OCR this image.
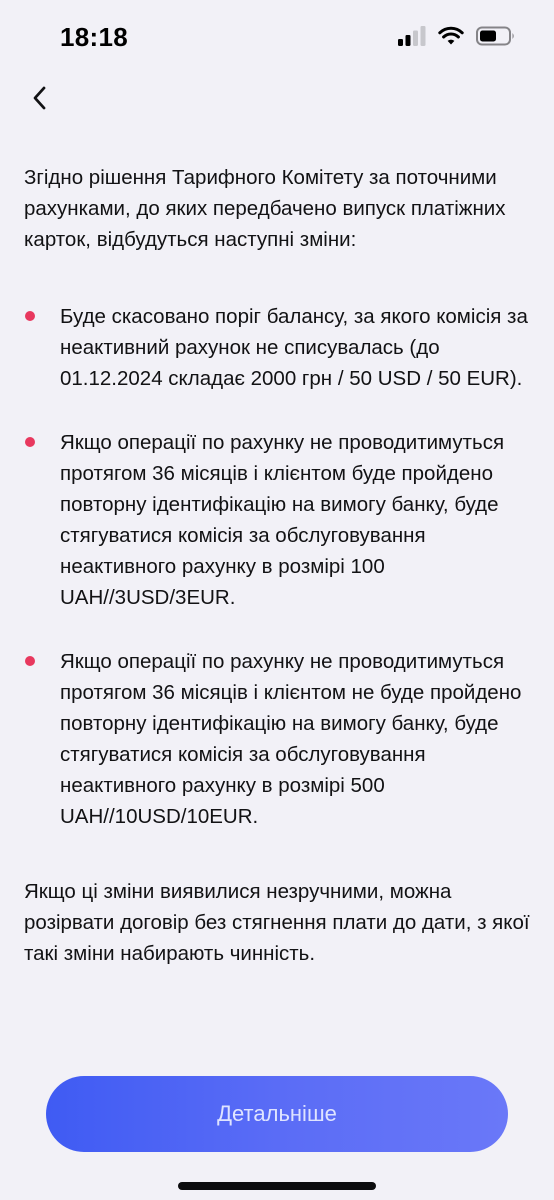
18:18

Згідно рішення Тарифного Комітету за поточними рахунками, до яких передбачено випуск платіжних карток, відбудуться наступні зміни:

Буде скасовано поріг балансу, за якого комісія за неактивний рахунок не списувалась (до 01.12.2024 складає 2000 грн / 50 USD / 50 EUR).

Якщо операції по рахунку не проводитимуться протягом 36 місяців і клієнтом буде пройдено повторну ідентифікацію на вимогу банку, буде стягуватися комісія за обслуговування неактивного рахунку в розмірі 100 UAH//3USD/3EUR.

Якщо операції по рахунку не проводитимуться протягом 36 місяців і клієнтом не буде пройдено повторну ідентифікацію на вимогу банку, буде стягуватися комісія за обслуговування неактивного рахунку в розмірі 500 UAH//10USD/10EUR.

Якщо ці зміни виявилися незручними, можна розірвати договір без стягнення плати до дати, з якої такі зміни набирають чинність.

Детальніше
